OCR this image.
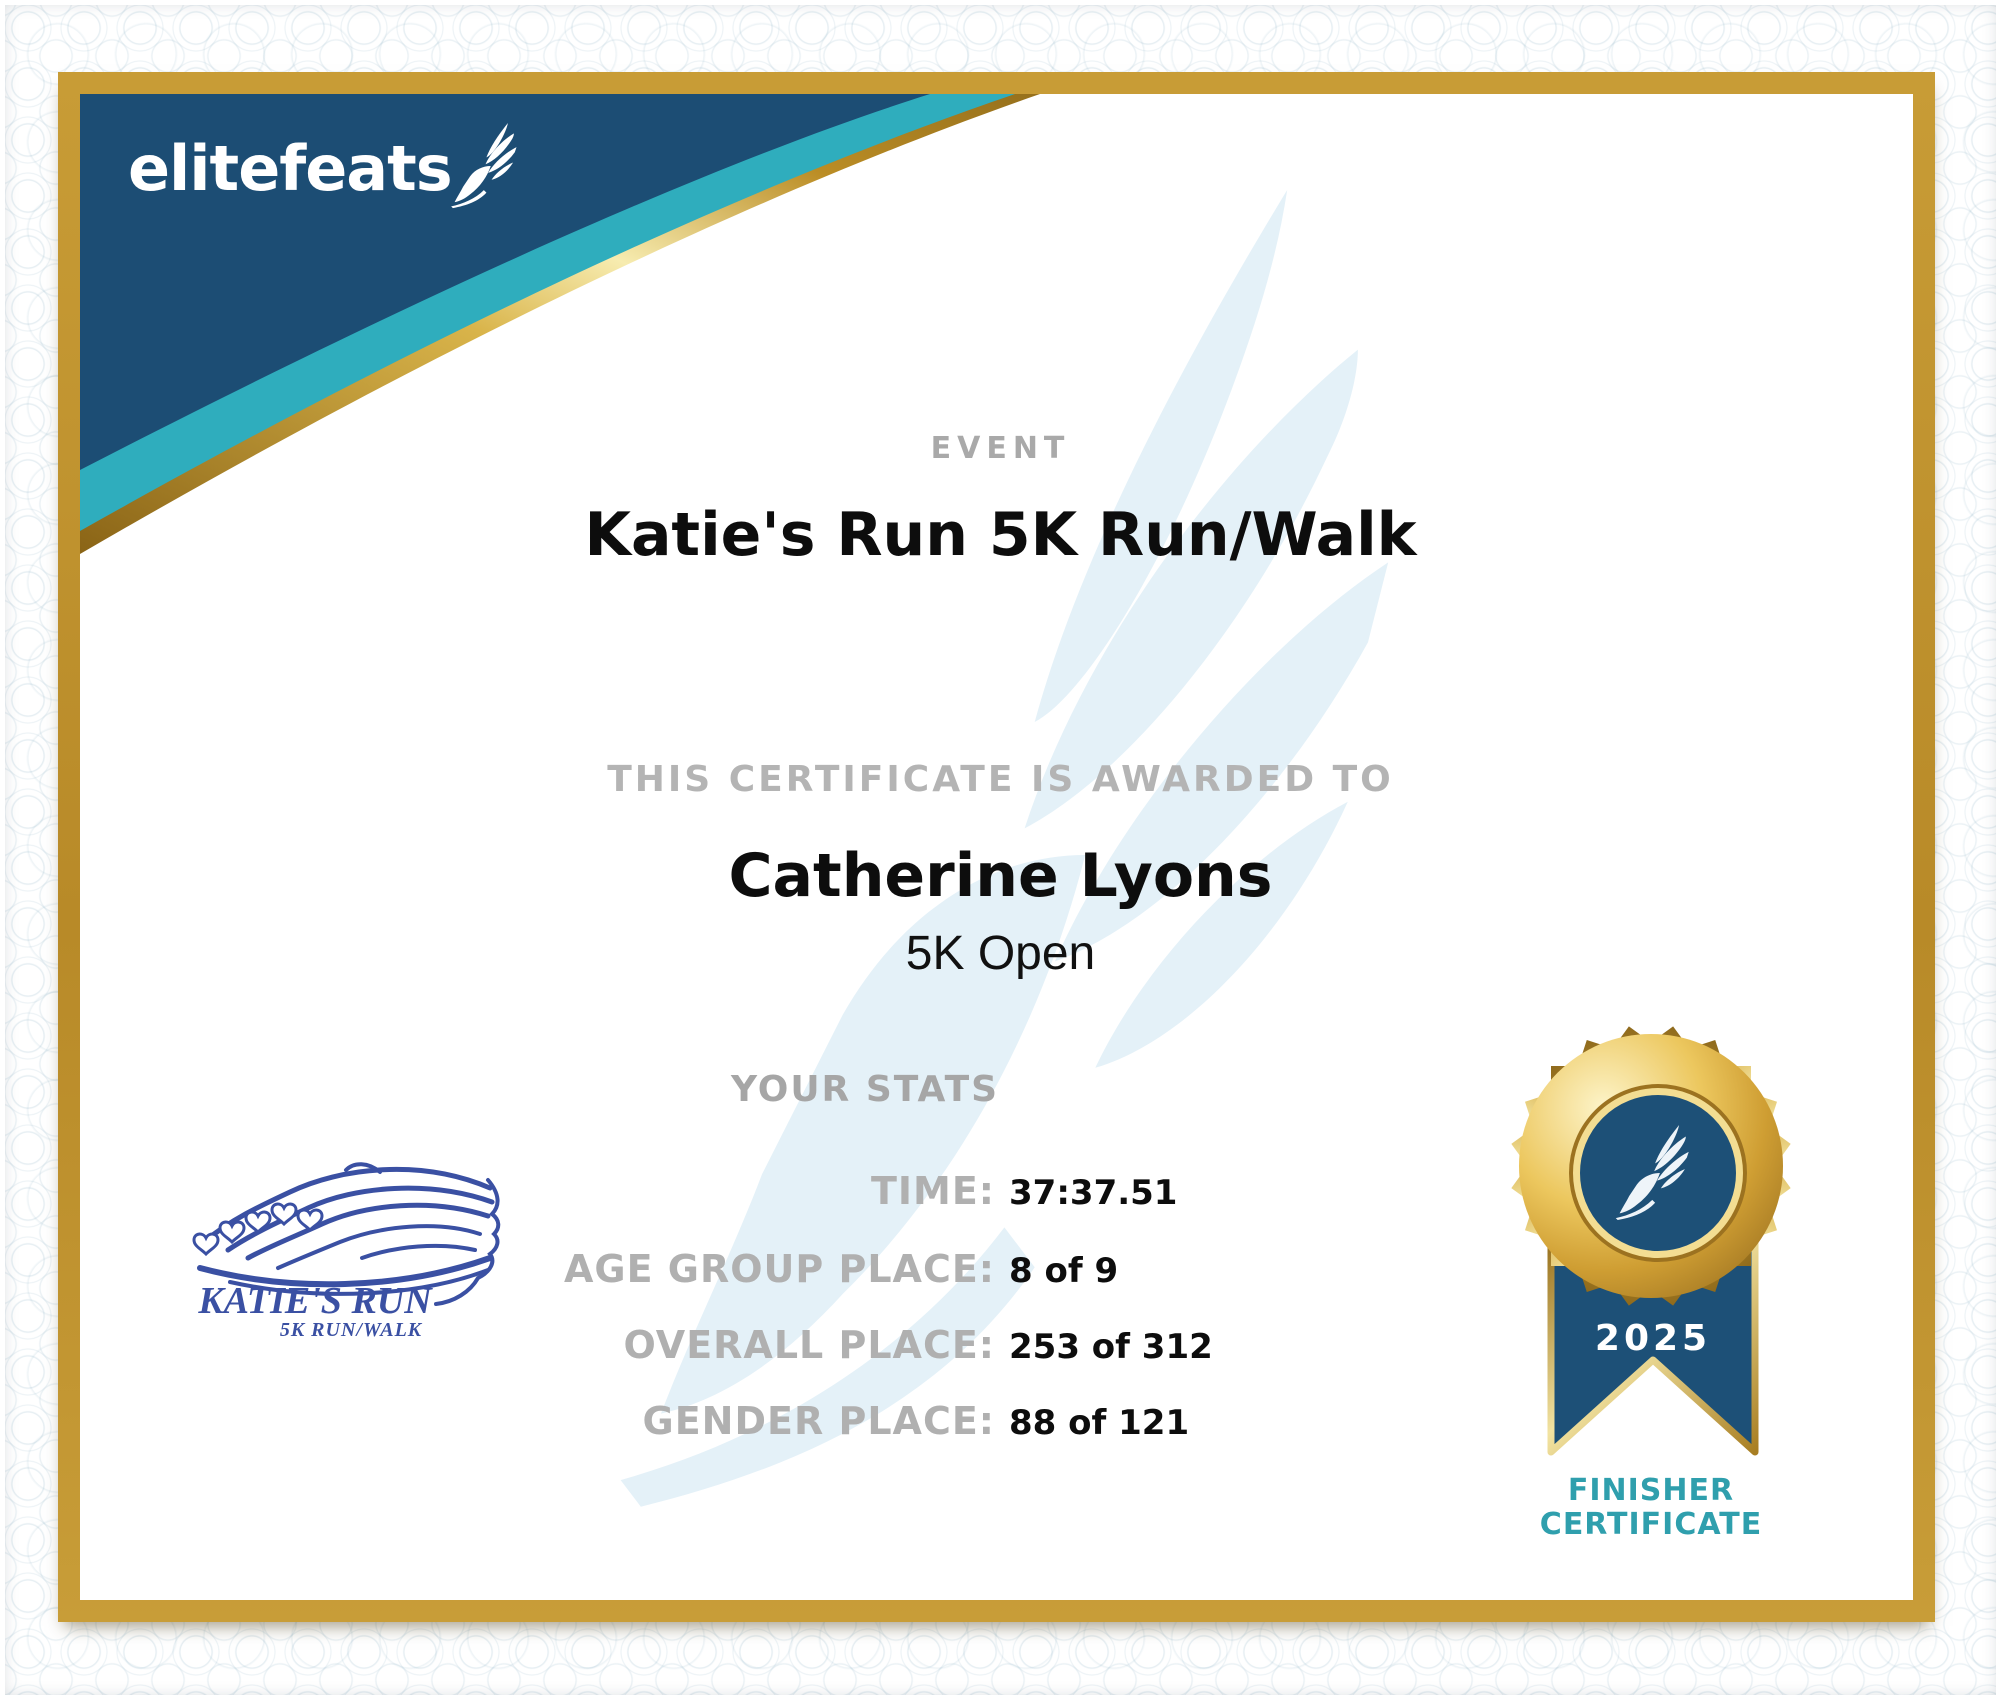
elitefeats
EVENT
Katie's Run 5K Run/Walk
THIS CERTIFICATE IS AWARDED TO
Catherine Lyons
5K Open
YOUR STATS
TIME: 37:37.51
AGE GROUP PLACE: 8 of 9
OVERALL PLACE: 253 of 312
GENDER PLACE: 88 of 121
KATIE'S RUN
5K RUN/WALK	2025
FINISHER
CERTIFICATE
